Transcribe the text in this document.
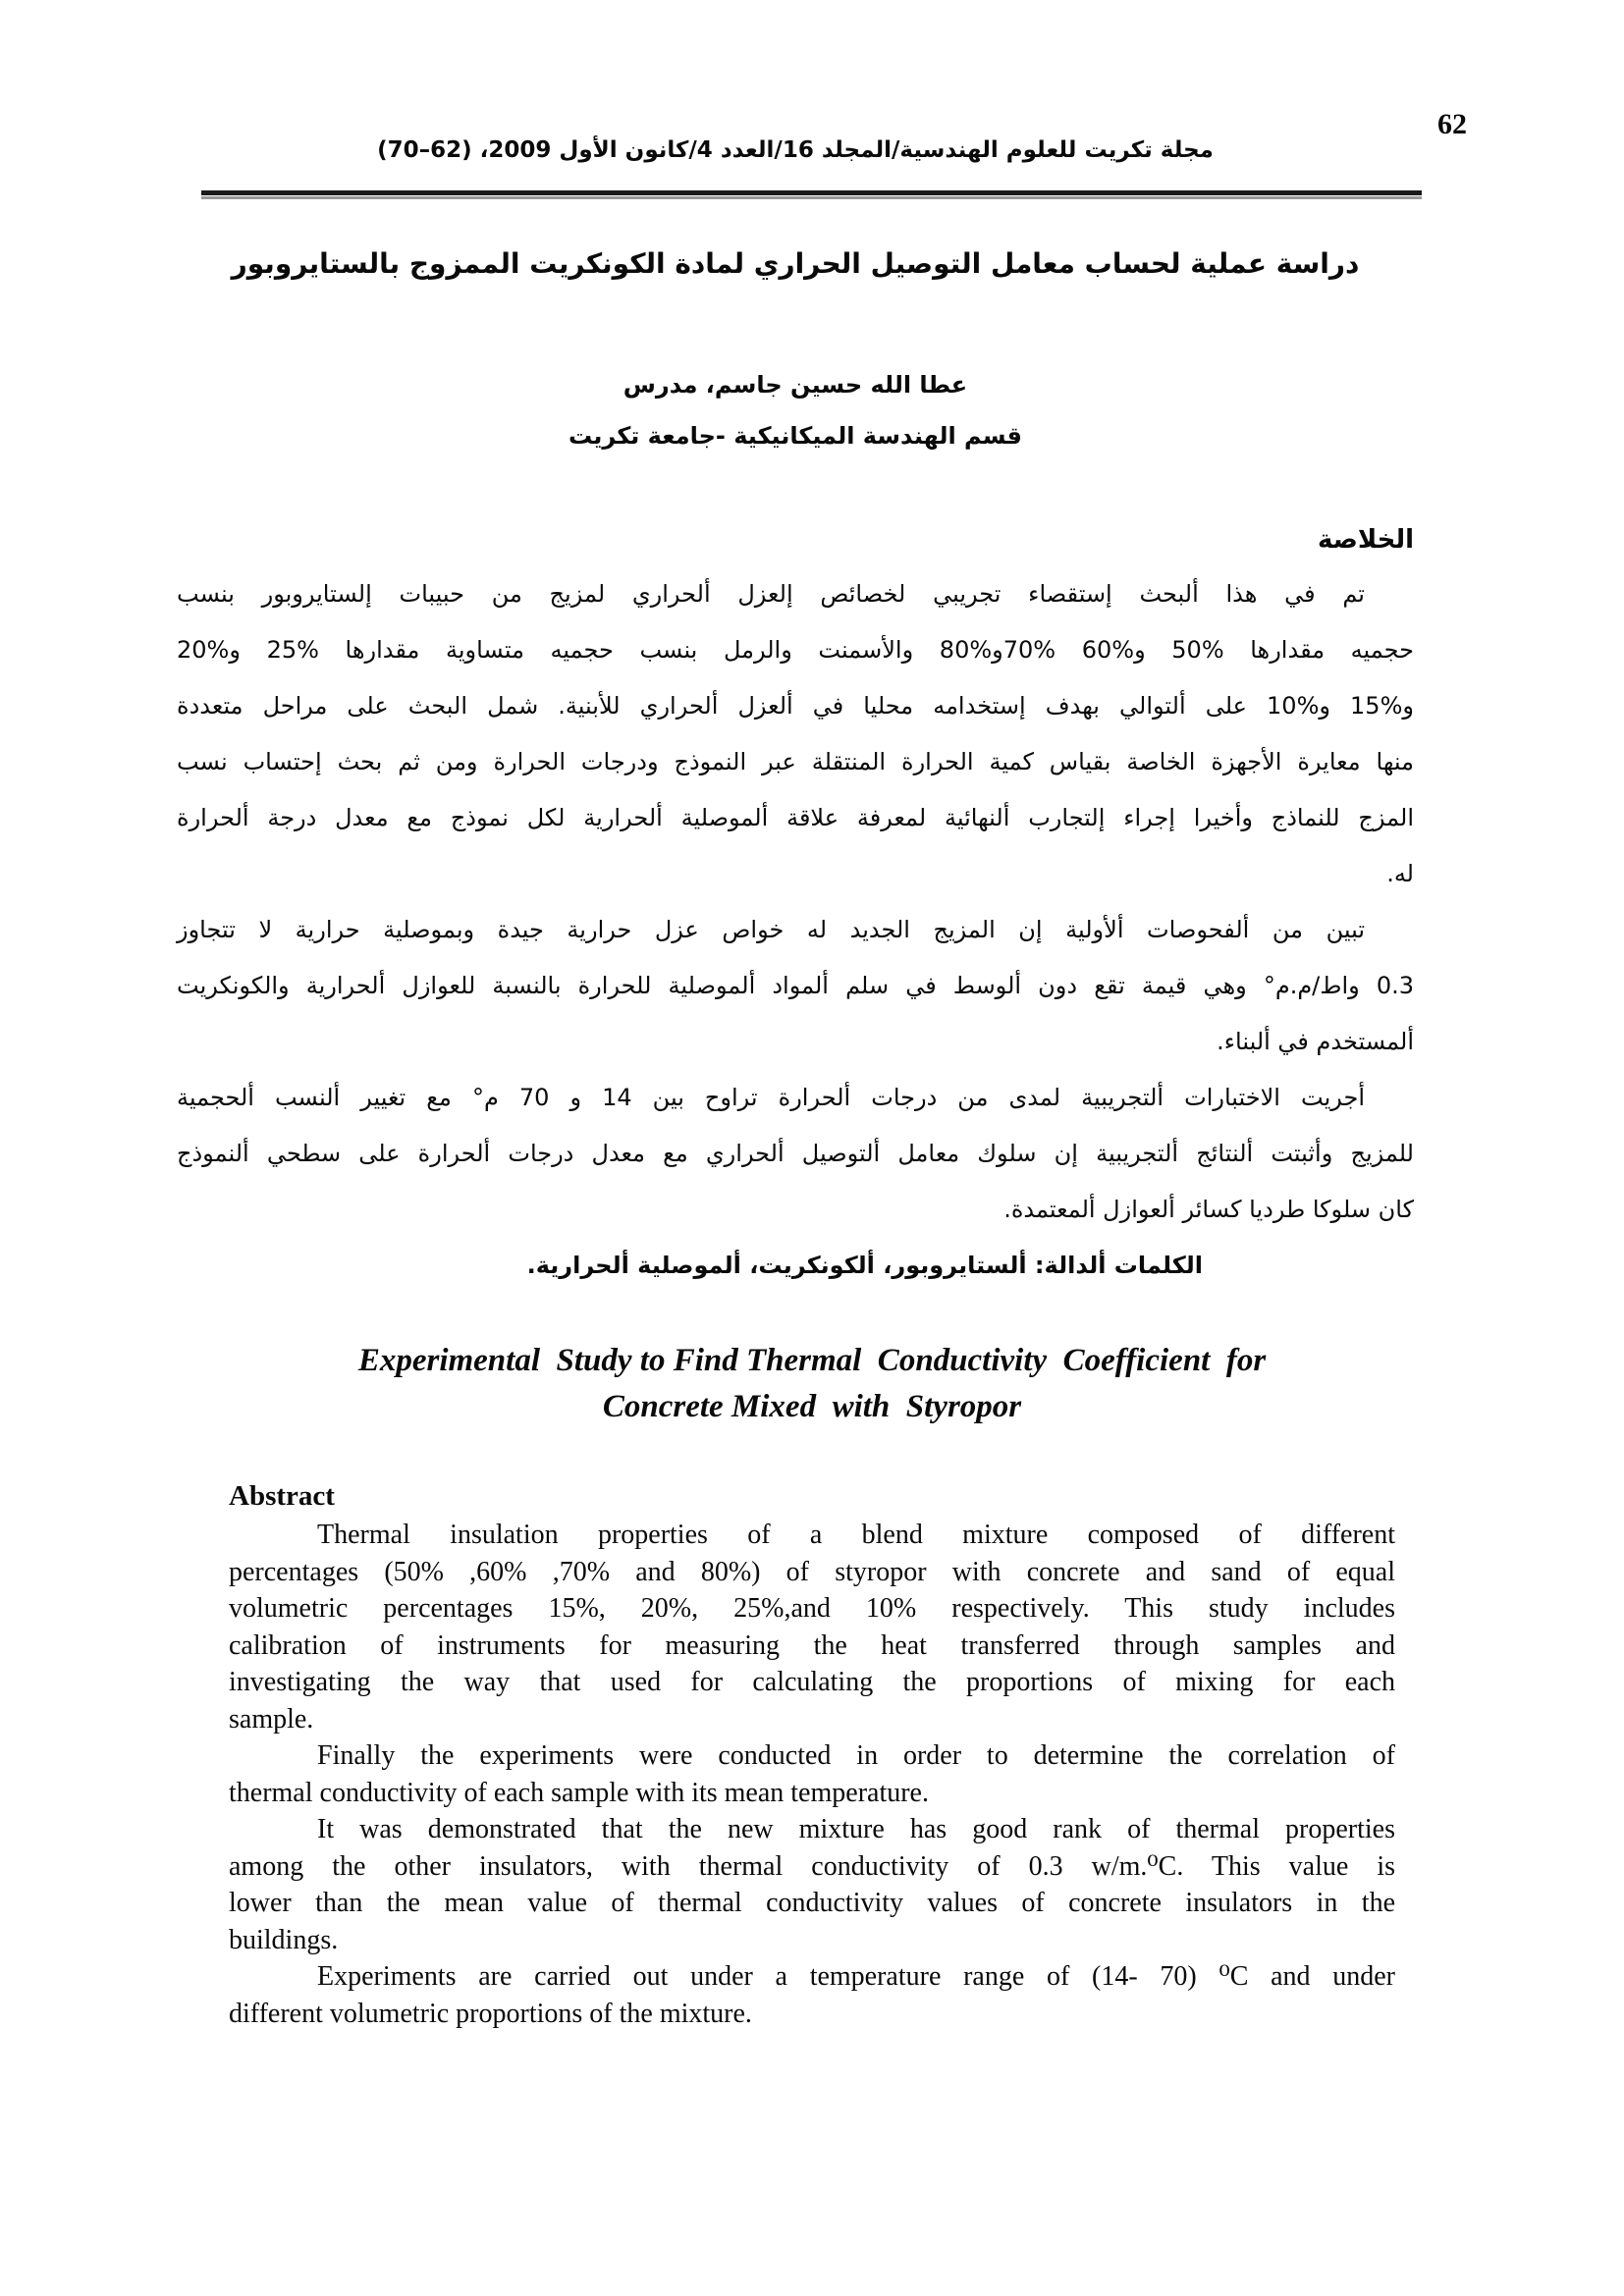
62
مجلة تكريت للعلوم الهندسية/المجلد 16/العدد 4/كانون الأول 2009، (62–70)
دراسة عملية لحساب معامل التوصيل الحراري لمادة الكونكريت الممزوج بالستايروبور
عطا الله حسين جاسم، مدرس
قسم الهندسة الميكانيكية -جامعة تكريت
الخلاصة
تم في هذا ألبحث إستقصاء تجريبي لخصائص إلعزل ألحراري لمزيج من حبيبات إلستايروبور بنسب
حجميه مقدارها %50 و%60 %70و%80 والأسمنت والرمل بنسب حجميه متساوية مقدارها %25 و%20
و%15 و%10 على ألتوالي بهدف إستخدامه محليا في ألعزل ألحراري للأبنية. شمل البحث على مراحل متعددة
منها معايرة الأجهزة الخاصة بقياس كمية الحرارة المنتقلة عبر النموذج ودرجات الحرارة ومن ثم بحث إحتساب نسب
المزج للنماذج وأخيرا إجراء إلتجارب ألنهائية لمعرفة علاقة ألموصلية ألحرارية لكل نموذج مع معدل درجة ألحرارة
له.
تبين من ألفحوصات ألأولية إن المزيج الجديد له خواص عزل حرارية جيدة وبموصلية حرارية لا تتجاوز
0.3 واط/م.م° وهي قيمة تقع دون ألوسط في سلم ألمواد ألموصلية للحرارة بالنسبة للعوازل ألحرارية والكونكريت
ألمستخدم في ألبناء.
أجريت الاختبارات ألتجريبية لمدى من درجات ألحرارة تراوح بين 14 و 70 م° مع تغيير ألنسب ألحجمية
للمزيج وأثبتت ألنتائج ألتجريبية إن سلوك معامل ألتوصيل ألحراري مع معدل درجات ألحرارة على سطحي ألنموذج
كان سلوكا طرديا كسائر ألعوازل ألمعتمدة.
الكلمات ألدالة: ألستايروبور، ألكونكريت، ألموصلية ألحرارية.
Experimental  Study to Find Thermal  Conductivity  Coefficient  for
Concrete Mixed  with  Styropor
Abstract
Thermal insulation properties of a blend mixture composed of different
percentages (50% ,60% ,70% and 80%) of styropor with concrete and sand of equal
volumetric percentages 15%, 20%, 25%,and 10% respectively. This study includes
calibration of instruments for measuring the heat transferred through samples and
investigating the way that used for calculating the proportions of mixing for each
sample.
Finally the experiments were conducted in order to determine the correlation of
thermal conductivity of each sample with its mean temperature.
It was demonstrated that the new mixture has good rank of thermal properties
among the other insulators, with thermal conductivity of 0.3 w/m.⁰C. This value is
lower than the mean value of thermal conductivity values of concrete insulators in the
buildings.
Experiments are carried out under a temperature range of (14- 70) ⁰C and under
different volumetric proportions of the mixture.
